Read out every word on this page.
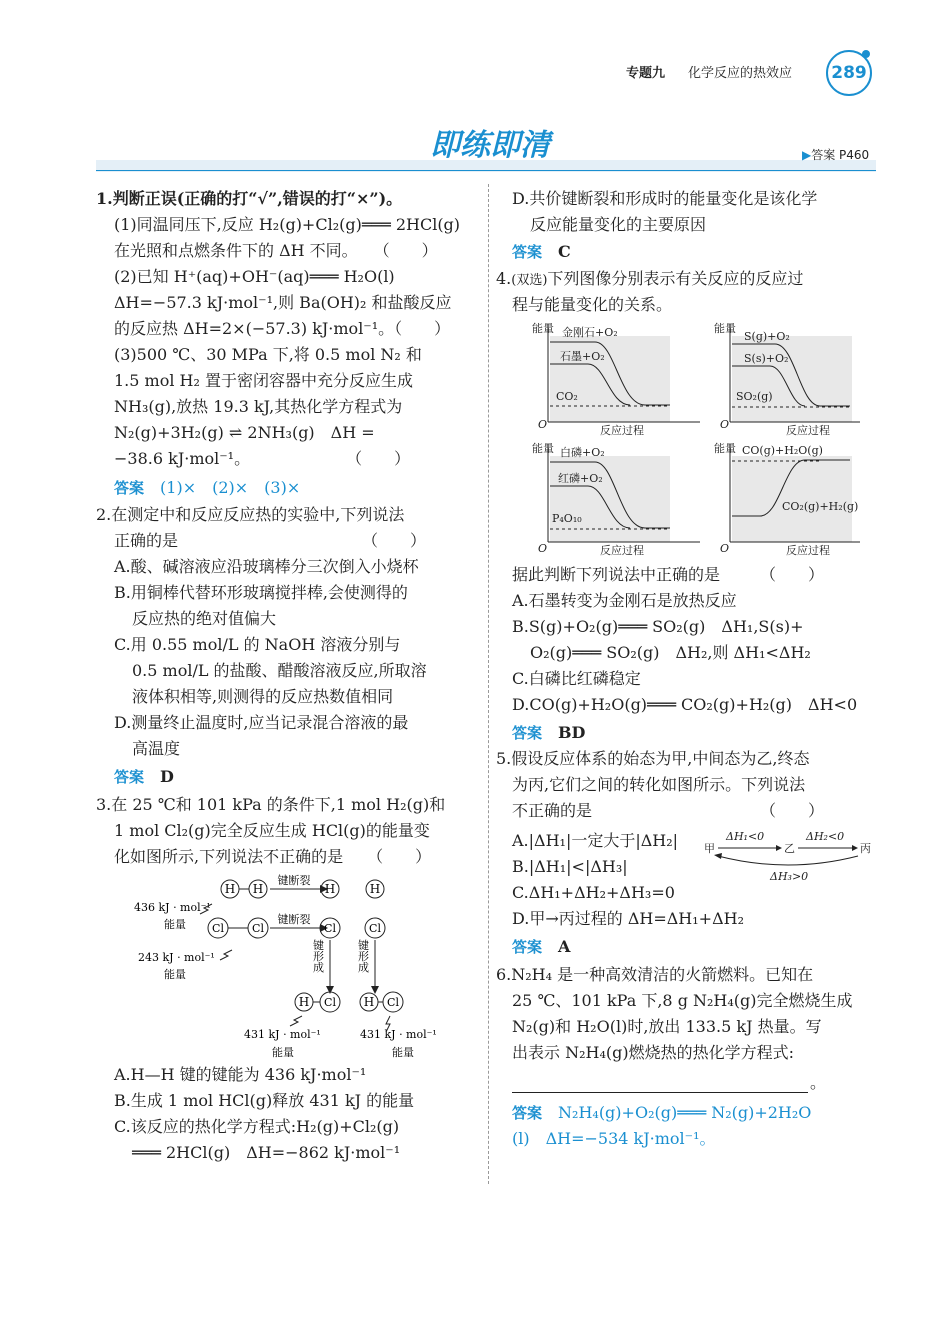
专题九 化学反应的热效应	289
即练即清	▶答案 P460
1.判断正误(正确的打“√”,错误的打“×”)。
(1)同温同压下,反应 H₂(g)+Cl₂(g)═══ 2HCl(g)
在光照和点燃条件下的 ΔH 不同。　　（　　）
(2)已知 H⁺(aq)+OH⁻(aq)═══ H₂O(l)
ΔH=−57.3 kJ·mol⁻¹,则 Ba(OH)₂ 和盐酸反应
的反应热 ΔH=2×(−57.3) kJ·mol⁻¹。（　　）
(3)500 ℃、30 MPa 下,将 0.5 mol N₂ 和
1.5 mol H₂ 置于密闭容器中充分反应生成
NH₃(g),放热 19.3 kJ,其热化学方程式为
N₂(g)+3H₂(g) ⇌ 2NH₃(g)　ΔH =
−38.6 kJ·mol⁻¹。　　　　　　　（　　）
答案　 (1)×　(2)×　(3)×
2.在测定中和反应反应热的实验中,下列说法
正确的是　　　　　　　　　　　　（　　）
A.酸、碱溶液应沿玻璃棒分三次倒入小烧杯
B.用铜棒代替环形玻璃搅拌棒,会使测得的
反应热的绝对值偏大
C.用 0.55 mol/L 的 NaOH 溶液分别与
0.5 mol/L 的盐酸、醋酸溶液反应,所取溶
液体积相等,则测得的反应热数值相同
D.测量终止温度时,应当记录混合溶液的最
高温度
答案　 D
3.在 25 ℃和 101 kPa 的条件下,1 mol H₂(g)和
1 mol Cl₂(g)完全反应生成 HCl(g)的能量变
化如图所示,下列说法不正确的是　　（　　）
H H
键断裂
H	H
Cl	Cl
键断裂
Cl	Cl
键形成	键形成
H Cl H Cl
436 kJ · mol⁻¹
能量
243 kJ · mol⁻¹
能量
431 kJ · mol⁻¹
能量
431 kJ · mol⁻¹
能量
A.H—H 键的键能为 436 kJ·mol⁻¹
B.生成 1 mol HCl(g)释放 431 kJ 的能量
C.该反应的热化学方程式:H₂(g)+Cl₂(g)
═══ 2HCl(g)　ΔH=−862 kJ·mol⁻¹
D.共价键断裂和形成时的能量变化是该化学
反应能量变化的主要原因
答案　 C
4.(双选)下列图像分别表示有关反应的反应过
程与能量变化的关系。
能量
O	反应过程
金刚石+O₂
石墨+O₂
CO₂
能量
O	反应过程
S(g)+O₂
S(s)+O₂
SO₂(g)
能量
O	反应过程
白磷+O₂
红磷+O₂
P₄O₁₀
能量
O	反应过程
CO(g)+H₂O(g)
CO₂(g)+H₂(g)
据此判断下列说法中正确的是　　　（　　）
A.石墨转变为金刚石是放热反应
B.S(g)+O₂(g)═══ SO₂(g)　ΔH₁,S(s)+
O₂(g)═══ SO₂(g)　ΔH₂,则 ΔH₁<ΔH₂
C.白磷比红磷稳定
D.CO(g)+H₂O(g)═══ CO₂(g)+H₂(g)　ΔH<0
答案　 BD
5.假设反应体系的始态为甲,中间态为乙,终态
为丙,它们之间的转化如图所示。下列说法
不正确的是　　　　　　　　　　　（　　）
A.|ΔH₁|一定大于|ΔH₂|
B.|ΔH₁|<|ΔH₃|
C.ΔH₁+ΔH₂+ΔH₃=0
D.甲→丙过程的 ΔH=ΔH₁+ΔH₂
甲	乙	丙
ΔH₁<0	ΔH₂<0
ΔH₃>0
答案　 A
6.N₂H₄ 是一种高效清洁的火箭燃料。已知在
25 ℃、101 kPa 下,8 g N₂H₄(g)完全燃烧生成
N₂(g)和 H₂O(l)时,放出 133.5 kJ 热量。写
出表示 N₂H₄(g)燃烧热的热化学方程式:
。
答案　 N₂H₄(g)+O₂(g)═══ N₂(g)+2H₂O
(l)　ΔH=−534 kJ·mol⁻¹。
